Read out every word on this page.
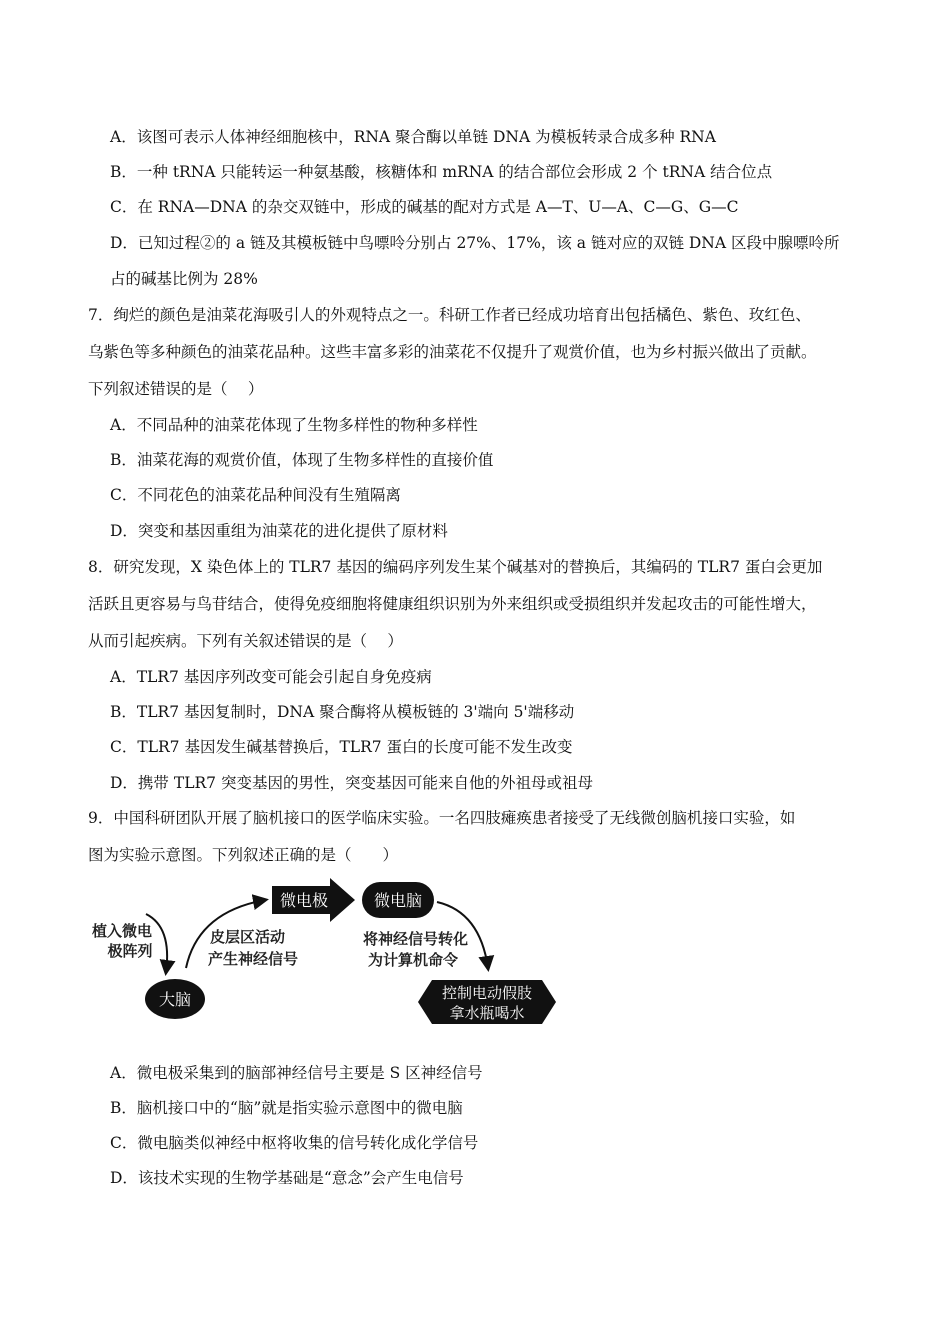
A．该图可表示人体神经细胞核中，RNA 聚合酶以单链 DNA 为模板转录合成多种 RNA
B．一种 tRNA 只能转运一种氨基酸，核糖体和 mRNA 的结合部位会形成 2 个 tRNA 结合位点
C．在 RNA—DNA 的杂交双链中，形成的碱基的配对方式是 A—T、U—A、C—G、G—C
D．已知过程②的 a 链及其模板链中鸟嘌呤分别占 27%、17%，该 a 链对应的双链 DNA 区段中腺嘌呤所
占的碱基比例为 28%
7．绚烂的颜色是油菜花海吸引人的外观特点之一。科研工作者已经成功培育出包括橘色、紫色、玫红色、
乌紫色等多种颜色的油菜花品种。这些丰富多彩的油菜花不仅提升了观赏价值，也为乡村振兴做出了贡献。
下列叙述错误的是（　 ）
A．不同品种的油菜花体现了生物多样性的物种多样性
B．油菜花海的观赏价值，体现了生物多样性的直接价值
C．不同花色的油菜花品种间没有生殖隔离
D．突变和基因重组为油菜花的进化提供了原材料
8．研究发现，X 染色体上的 TLR7 基因的编码序列发生某个碱基对的替换后，其编码的 TLR7 蛋白会更加
活跃且更容易与鸟苷结合，使得免疫细胞将健康组织识别为外来组织或受损组织并发起攻击的可能性增大，
从而引起疾病。下列有关叙述错误的是（　 ）
A．TLR7 基因序列改变可能会引起自身免疫病
B．TLR7 基因复制时，DNA 聚合酶将从模板链的 3'端向 5'端移动
C．TLR7 基因发生碱基替换后，TLR7 蛋白的长度可能不发生改变
D．携带 TLR7 突变基因的男性，突变基因可能来自他的外祖母或祖母
9．中国科研团队开展了脑机接口的医学临床实验。一名四肢瘫痪患者接受了无线微创脑机接口实验，如
图为实验示意图。下列叙述正确的是（　　）
植入微电
极阵列
大脑
皮层区活动
产生神经信号
微电极	微电脑
将神经信号转化
为计算机命令
控制电动假肢
拿水瓶喝水
A．微电极采集到的脑部神经信号主要是 S 区神经信号
B．脑机接口中的“脑”就是指实验示意图中的微电脑
C．微电脑类似神经中枢将收集的信号转化成化学信号
D．该技术实现的生物学基础是“意念”会产生电信号
